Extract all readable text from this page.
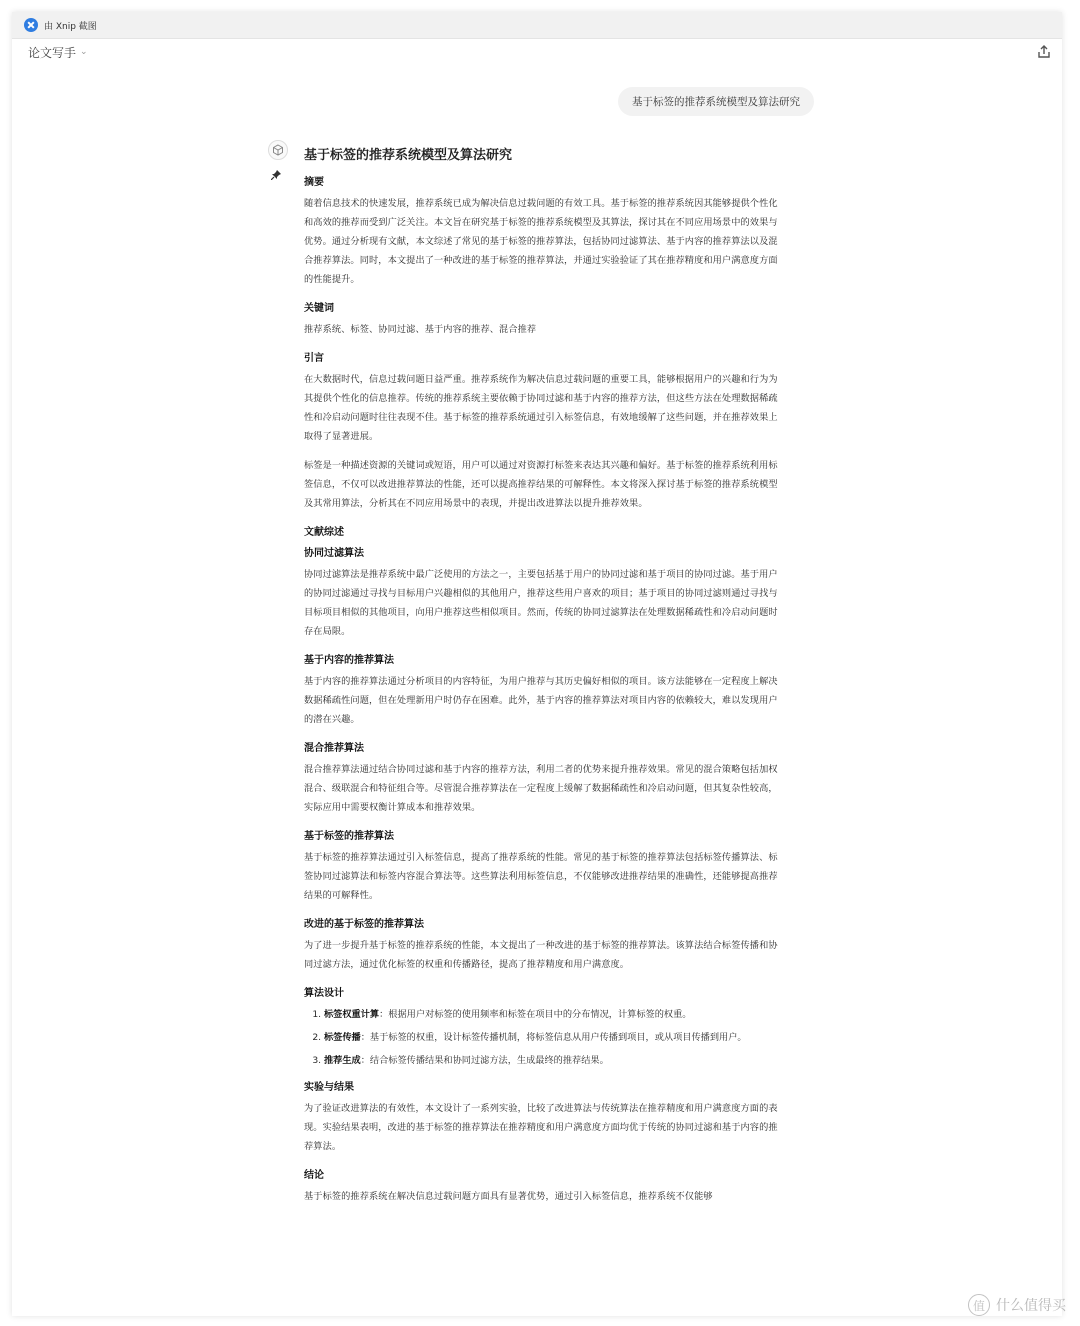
由 Xnip 截图
论文写手 ⌄
基于标签的推荐系统模型及算法研究
基于标签的推荐系统模型及算法研究
摘要

随着信息技术的快速发展，推荐系统已成为解决信息过载问题的有效工具。基于标签的推荐系统因其能够提供个性化和高效的推荐而受到广泛关注。本文旨在研究基于标签的推荐系统模型及其算法，探讨其在不同应用场景中的效果与优势。通过分析现有文献，本文综述了常见的基于标签的推荐算法，包括协同过滤算法、基于内容的推荐算法以及混合推荐算法。同时，本文提出了一种改进的基于标签的推荐算法，并通过实验验证了其在推荐精度和用户满意度方面的性能提升。

关键词

推荐系统、标签、协同过滤、基于内容的推荐、混合推荐

引言

在大数据时代，信息过载问题日益严重。推荐系统作为解决信息过载问题的重要工具，能够根据用户的兴趣和行为为其提供个性化的信息推荐。传统的推荐系统主要依赖于协同过滤和基于内容的推荐方法，但这些方法在处理数据稀疏性和冷启动问题时往往表现不佳。基于标签的推荐系统通过引入标签信息，有效地缓解了这些问题，并在推荐效果上取得了显著进展。

标签是一种描述资源的关键词或短语，用户可以通过对资源打标签来表达其兴趣和偏好。基于标签的推荐系统利用标签信息，不仅可以改进推荐算法的性能，还可以提高推荐结果的可解释性。本文将深入探讨基于标签的推荐系统模型及其常用算法，分析其在不同应用场景中的表现，并提出改进算法以提升推荐效果。

文献综述
协同过滤算法

协同过滤算法是推荐系统中最广泛使用的方法之一，主要包括基于用户的协同过滤和基于项目的协同过滤。基于用户的协同过滤通过寻找与目标用户兴趣相似的其他用户，推荐这些用户喜欢的项目；基于项目的协同过滤则通过寻找与目标项目相似的其他项目，向用户推荐这些相似项目。然而，传统的协同过滤算法在处理数据稀疏性和冷启动问题时存在局限。

基于内容的推荐算法

基于内容的推荐算法通过分析项目的内容特征，为用户推荐与其历史偏好相似的项目。该方法能够在一定程度上解决数据稀疏性问题，但在处理新用户时仍存在困难。此外，基于内容的推荐算法对项目内容的依赖较大，难以发现用户的潜在兴趣。

混合推荐算法

混合推荐算法通过结合协同过滤和基于内容的推荐方法，利用二者的优势来提升推荐效果。常见的混合策略包括加权混合、级联混合和特征组合等。尽管混合推荐算法在一定程度上缓解了数据稀疏性和冷启动问题，但其复杂性较高，实际应用中需要权衡计算成本和推荐效果。

基于标签的推荐算法

基于标签的推荐算法通过引入标签信息，提高了推荐系统的性能。常见的基于标签的推荐算法包括标签传播算法、标签协同过滤算法和标签内容混合算法等。这些算法利用标签信息，不仅能够改进推荐结果的准确性，还能够提高推荐结果的可解释性。

改进的基于标签的推荐算法

为了进一步提升基于标签的推荐系统的性能，本文提出了一种改进的基于标签的推荐算法。该算法结合标签传播和协同过滤方法，通过优化标签的权重和传播路径，提高了推荐精度和用户满意度。

算法设计
1. 标签权重计算：根据用户对标签的使用频率和标签在项目中的分布情况，计算标签的权重。
2. 标签传播：基于标签的权重，设计标签传播机制，将标签信息从用户传播到项目，或从项目传播到用户。
3. 推荐生成：结合标签传播结果和协同过滤方法，生成最终的推荐结果。
实验与结果

为了验证改进算法的有效性，本文设计了一系列实验，比较了改进算法与传统算法在推荐精度和用户满意度方面的表现。实验结果表明，改进的基于标签的推荐算法在推荐精度和用户满意度方面均优于传统的协同过滤和基于内容的推荐算法。

结论

基于标签的推荐系统在解决信息过载问题方面具有显著优势，通过引入标签信息，推荐系统不仅能够

值 什么值得买
